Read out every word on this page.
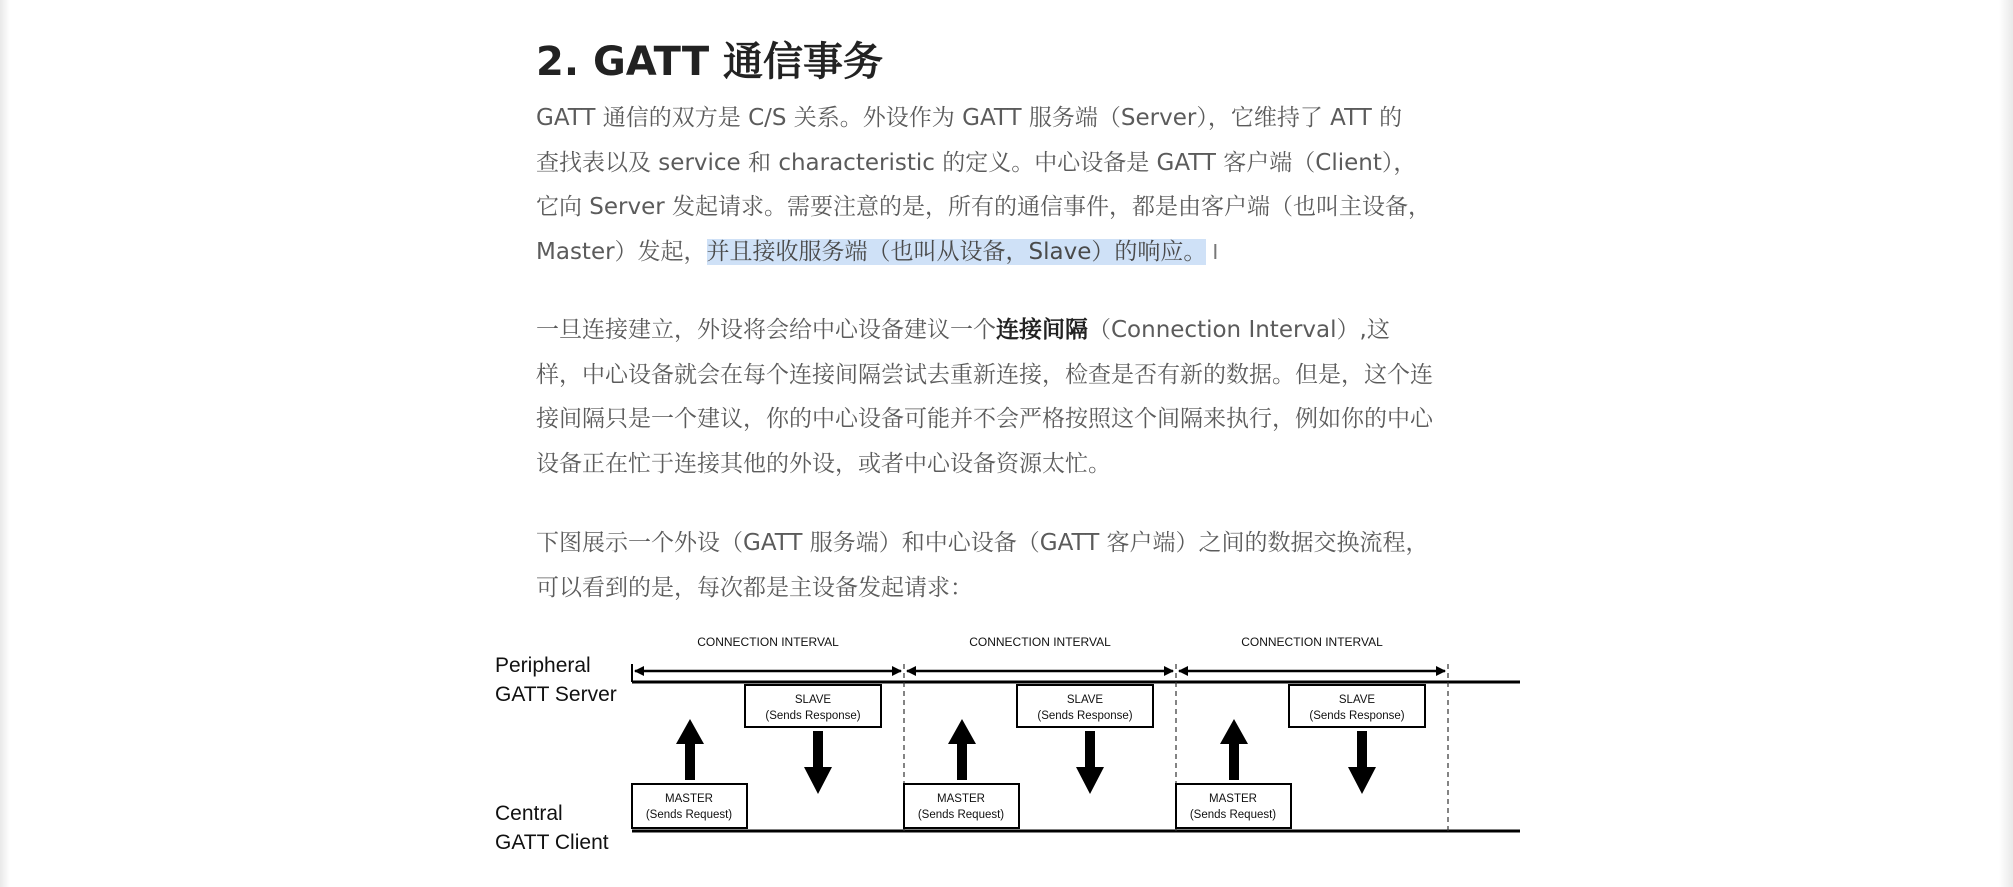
2. GATT 通信事务

GATT 通信的双方是 C/S 关系。外设作为 GATT 服务端（Server），它维持了 ATT 的
查找表以及 service 和 characteristic 的定义。中心设备是 GATT 客户端（Client），
它向 Server 发起请求。需要注意的是，所有的通信事件，都是由客户端（也叫主设备，
Master）发起，并且接收服务端（也叫从设备，Slave）的响应。 I

一旦连接建立，外设将会给中心设备建议一个连接间隔（Connection Interval）,这
样，中心设备就会在每个连接间隔尝试去重新连接，检查是否有新的数据。但是，这个连
接间隔只是一个建议，你的中心设备可能并不会严格按照这个间隔来执行，例如你的中心
设备正在忙于连接其他的外设，或者中心设备资源太忙。

下图展示一个外设（GATT 服务端）和中心设备（GATT 客户端）之间的数据交换流程，
可以看到的是，每次都是主设备发起请求：

Peripheral
GATT Server
Central
GATT Client
CONNECTION INTERVAL
SLAVE
(Sends Response)
MASTER
(Sends Request)
CONNECTION INTERVAL
SLAVE
(Sends Response)
MASTER
(Sends Request)
CONNECTION INTERVAL
SLAVE
(Sends Response)
MASTER
(Sends Request)
